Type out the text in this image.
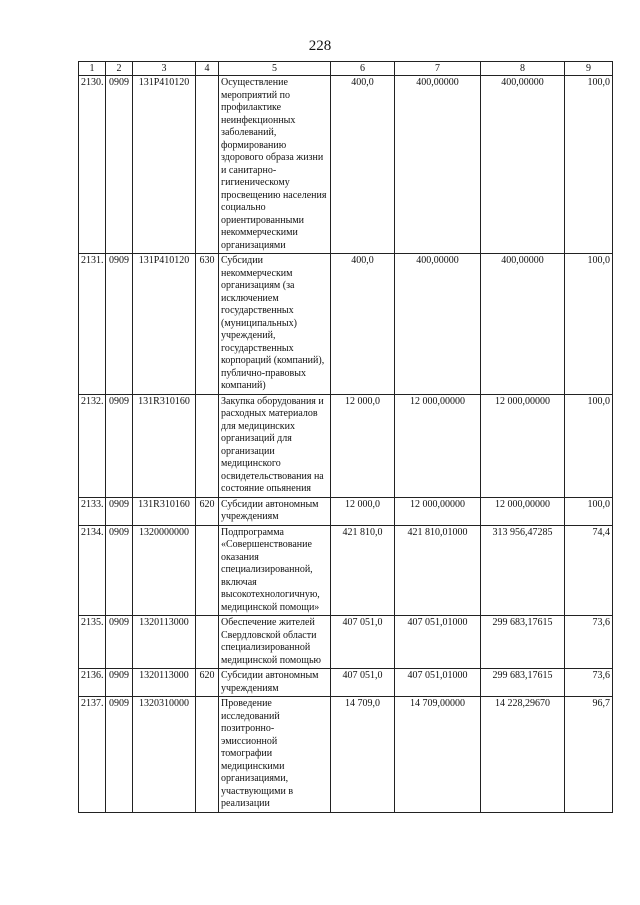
228
1	2	3	4	5	6	7	8	9
2130.	0909	131P410120		Осуществление мероприятий по профилактике неинфекционных заболеваний, формированию здорового образа жизни и санитарно-гигиеническому просвещению населения социально ориентированными некоммерческими организациями	400,0	400,00000	400,00000	100,0
2131.	0909	131P410120	630	Субсидии некоммерческим организациям (за исключением государственных (муниципальных) учреждений, государственных корпораций (компаний), публично-правовых компаний)	400,0	400,00000	400,00000	100,0
2132.	0909	131R310160		Закупка оборудования и расходных материалов для медицинских организаций для организации медицинского освидетельствования на состояние опьянения	12 000,0	12 000,00000	12 000,00000	100,0
2133.	0909	131R310160	620	Субсидии автономным учреждениям	12 000,0	12 000,00000	12 000,00000	100,0
2134.	0909	1320000000		Подпрограмма «Совершенствование оказания специализированной, включая высокотехнологичную, медицинской помощи»	421 810,0	421 810,01000	313 956,47285	74,4
2135.	0909	1320113000		Обеспечение жителей Свердловской области специализированной медицинской помощью	407 051,0	407 051,01000	299 683,17615	73,6
2136.	0909	1320113000	620	Субсидии автономным учреждениям	407 051,0	407 051,01000	299 683,17615	73,6
2137.	0909	1320310000		Проведение исследований позитронно-эмиссионной томографии медицинскими организациями, участвующими в реализации	14 709,0	14 709,00000	14 228,29670	96,7
